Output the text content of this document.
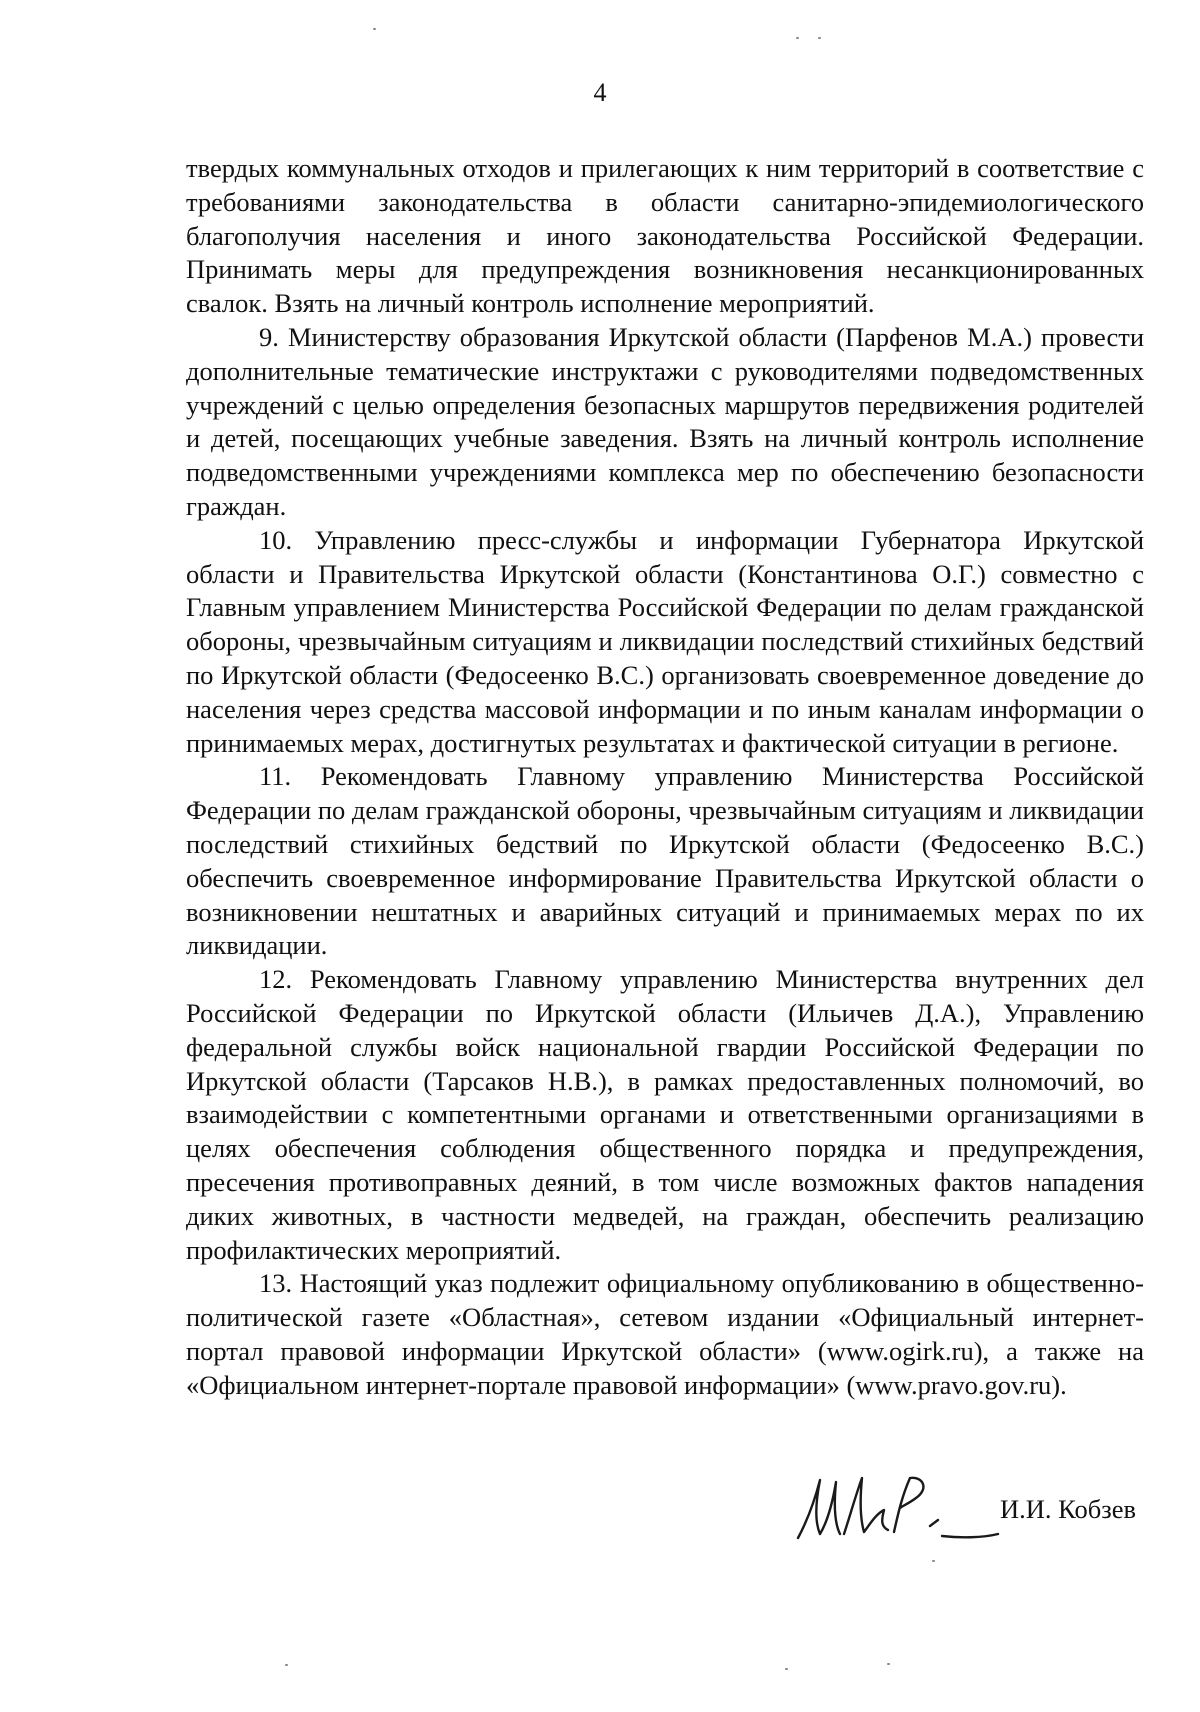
4

твердых коммунальных отходов и прилегающих к ним территорий в соответствие с требованиями законодательства в области санитарно-эпидемиологического благополучия населения и иного законодательства Российской Федерации. Принимать меры для предупреждения возникновения несанкционированных свалок. Взять на личный контроль исполнение мероприятий.

9. Министерству образования Иркутской области (Парфенов М.А.) провести дополнительные тематические инструктажи с руководителями подведомственных учреждений с целью определения безопасных маршрутов передвижения родителей и детей, посещающих учебные заведения. Взять на личный контроль исполнение подведомственными учреждениями комплекса мер по обеспечению безопасности граждан.

10. Управлению пресс-службы и информации Губернатора Иркутской области и Правительства Иркутской области (Константинова О.Г.) совместно с Главным управлением Министерства Российской Федерации по делам гражданской обороны, чрезвычайным ситуациям и ликвидации последствий стихийных бедствий по Иркутской области (Федосеенко В.С.) организовать своевременное доведение до населения через средства массовой информации и по иным каналам информации о принимаемых мерах, достигнутых результатах и фактической ситуации в регионе.

11. Рекомендовать Главному управлению Министерства Российской Федерации по делам гражданской обороны, чрезвычайным ситуациям и ликвидации последствий стихийных бедствий по Иркутской области (Федосеенко В.С.) обеспечить своевременное информирование Правительства Иркутской области о возникновении нештатных и аварийных ситуаций и принимаемых мерах по их ликвидации.

12. Рекомендовать Главному управлению Министерства внутренних дел Российской Федерации по Иркутской области (Ильичев Д.А.), Управлению федеральной службы войск национальной гвардии Российской Федерации по Иркутской области (Тарсаков Н.В.), в рамках предоставленных полномочий, во взаимодействии с компетентными органами и ответственными организациями в целях обеспечения соблюдения общественного порядка и предупреждения, пресечения противоправных деяний, в том числе возможных фактов нападения диких животных, в частности медведей, на граждан, обеспечить реализацию профилактических мероприятий.

13. Настоящий указ подлежит официальному опубликованию в общественно-политической газете «Областная», сетевом издании «Официальный интернет-портал правовой информации Иркутской области» (www.ogirk.ru), а также на «Официальном интернет-портале правовой информации» (www.pravo.gov.ru).

И.И. Кобзев
